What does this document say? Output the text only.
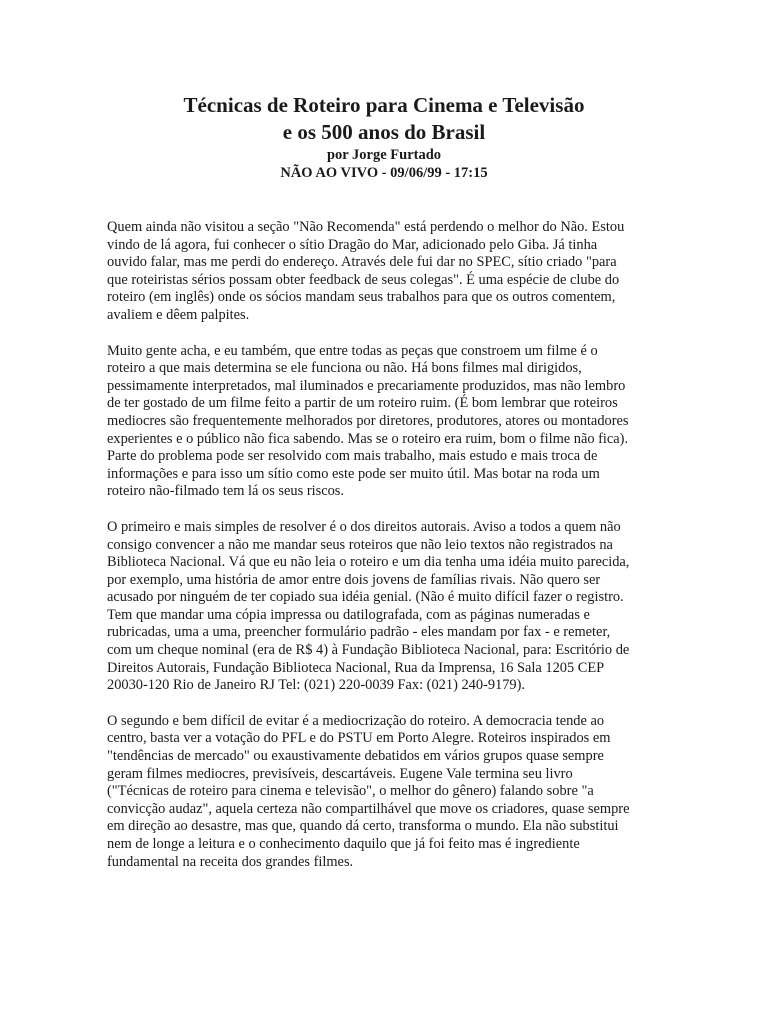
Técnicas de Roteiro para Cinema e Televisão

e os 500 anos do Brasil

por Jorge Furtado

NÃO AO VIVO - 09/06/99 - 17:15

Quem ainda não visitou a seção "Não Recomenda" está perdendo o melhor do Não. Estou
vindo de lá agora, fui conhecer o sítio Dragão do Mar, adicionado pelo Giba. Já tinha
ouvido falar, mas me perdi do endereço. Através dele fui dar no SPEC, sítio criado "para
que roteiristas sérios possam obter feedback de seus colegas". É uma espécie de clube do
roteiro (em inglês) onde os sócios mandam seus trabalhos para que os outros comentem,
avaliem e dêem palpites.

Muito gente acha, e eu também, que entre todas as peças que constroem um filme é o
roteiro a que mais determina se ele funciona ou não. Há bons filmes mal dirigidos,
pessimamente interpretados, mal iluminados e precariamente produzidos, mas não lembro
de ter gostado de um filme feito a partir de um roteiro ruim. (É bom lembrar que roteiros
mediocres são frequentemente melhorados por diretores, produtores, atores ou montadores
experientes e o público não fica sabendo. Mas se o roteiro era ruim, bom o filme não fica).
Parte do problema pode ser resolvido com mais trabalho, mais estudo e mais troca de
informações e para isso um sítio como este pode ser muito útil. Mas botar na roda um
roteiro não-filmado tem lá os seus riscos.

O primeiro e mais simples de resolver é o dos direitos autorais. Aviso a todos a quem não
consigo convencer a não me mandar seus roteiros que não leio textos não registrados na
Biblioteca Nacional. Vá que eu não leia o roteiro e um dia tenha uma idéia muito parecida,
por exemplo, uma história de amor entre dois jovens de famílias rivais. Não quero ser
acusado por ninguém de ter copiado sua idéia genial. (Não é muito difícil fazer o registro.
Tem que mandar uma cópia impressa ou datilografada, com as páginas numeradas e
rubricadas, uma a uma, preencher formulário padrão - eles mandam por fax - e remeter,
com um cheque nominal (era de R$ 4) à Fundação Biblioteca Nacional, para: Escritório de
Direitos Autorais, Fundação Biblioteca Nacional, Rua da Imprensa, 16 Sala 1205 CEP
20030-120 Rio de Janeiro RJ Tel: (021) 220-0039 Fax: (021) 240-9179).

O segundo e bem difícil de evitar é a mediocrização do roteiro. A democracia tende ao
centro, basta ver a votação do PFL e do PSTU em Porto Alegre. Roteiros inspirados em
"tendências de mercado" ou exaustivamente debatidos em vários grupos quase sempre
geram filmes mediocres, previsíveis, descartáveis. Eugene Vale termina seu livro
("Técnicas de roteiro para cinema e televisão", o melhor do gênero) falando sobre "a
convicção audaz", aquela certeza não compartilhável que move os criadores, quase sempre
em direção ao desastre, mas que, quando dá certo, transforma o mundo. Ela não substitui
nem de longe a leitura e o conhecimento daquilo que já foi feito mas é ingrediente
fundamental na receita dos grandes filmes.
